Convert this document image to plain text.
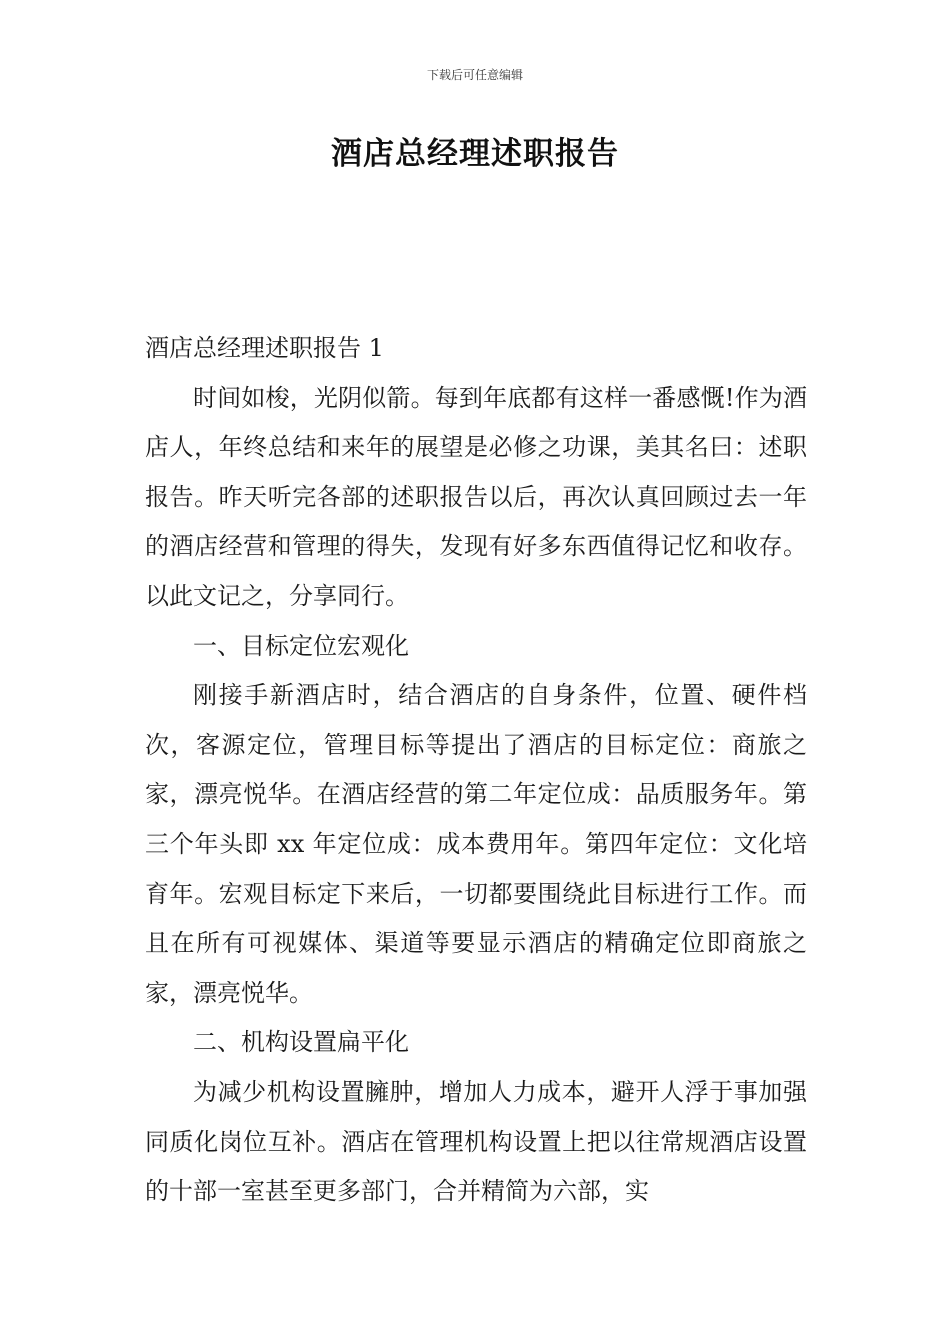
下载后可任意编辑
酒店总经理述职报告

酒店总经理述职报告 1

时间如梭，光阴似箭。每到年底都有这样一番感慨!作为酒店人，年终总结和来年的展望是必修之功课，美其名曰：述职报告。昨天听完各部的述职报告以后，再次认真回顾过去一年的酒店经营和管理的得失，发现有好多东西值得记忆和收存。以此文记之，分享同行。

一、目标定位宏观化

刚接手新酒店时，结合酒店的自身条件，位置、硬件档次，客源定位，管理目标等提出了酒店的目标定位：商旅之家，漂亮悦华。在酒店经营的第二年定位成：品质服务年。第三个年头即 xx 年定位成：成本费用年。第四年定位：文化培育年。宏观目标定下来后，一切都要围绕此目标进行工作。而且在所有可视媒体、渠道等要显示酒店的精确定位即商旅之家，漂亮悦华。

二、机构设置扁平化

为减少机构设置臃肿，增加人力成本，避开人浮于事加强同质化岗位互补。酒店在管理机构设置上把以往常规酒店设置的十部一室甚至更多部门，合并精简为六部，实
